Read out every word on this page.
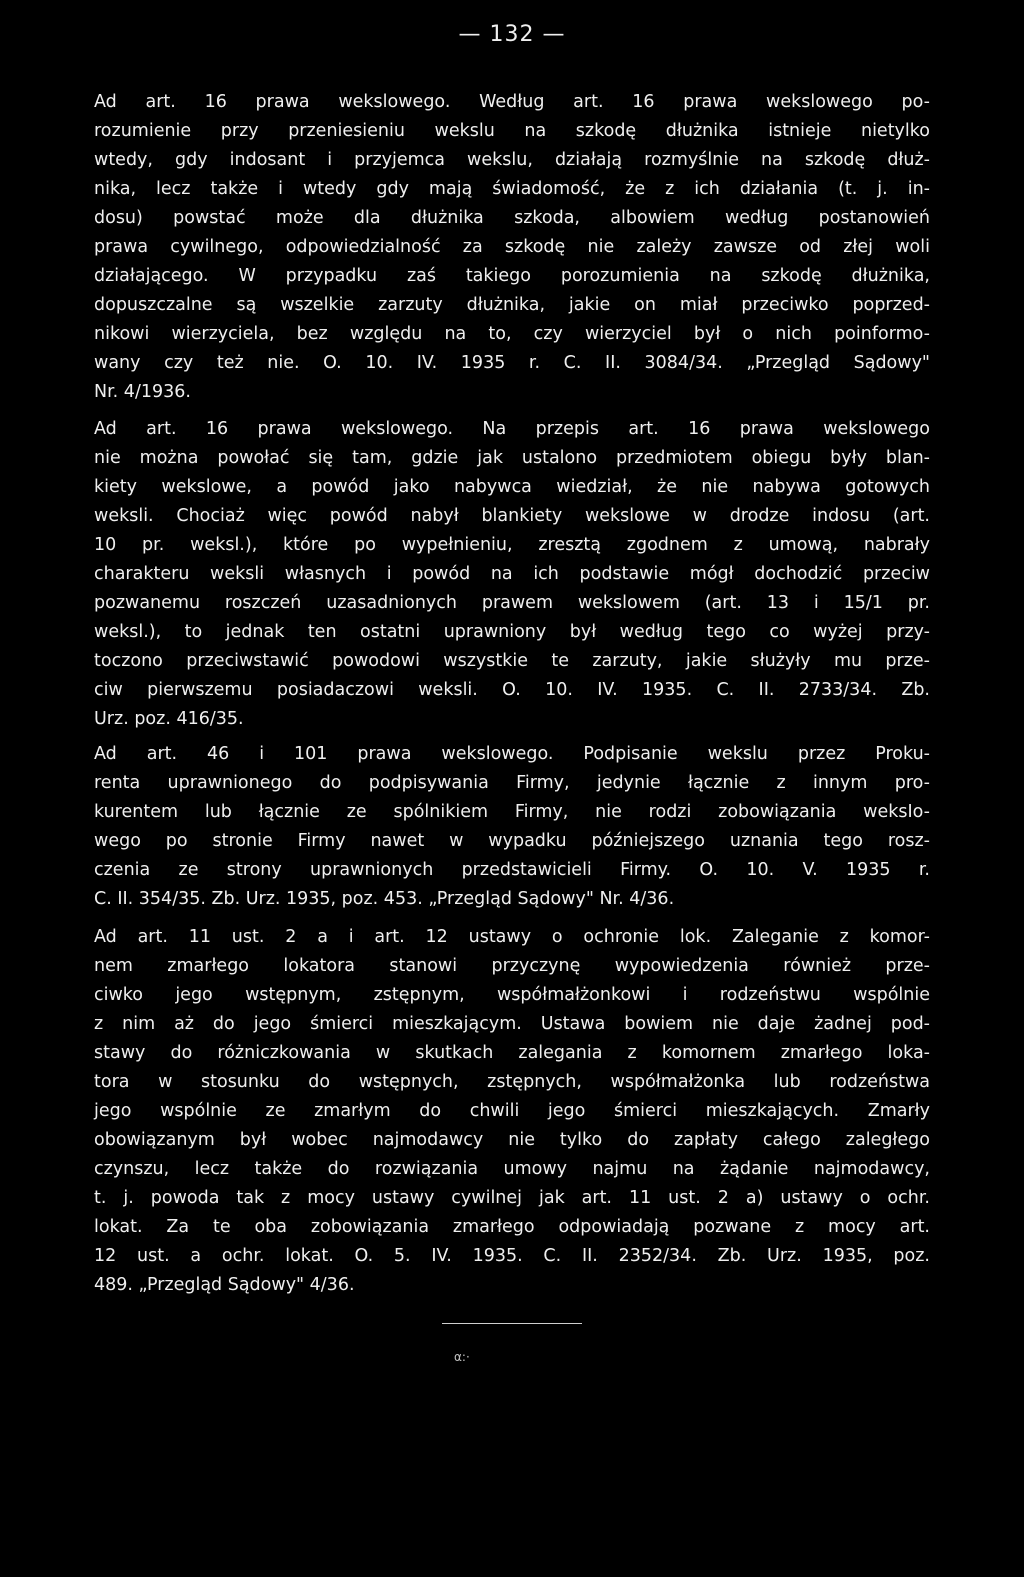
— 132 —
Ad art. 16 prawa wekslowego. Według art. 16 prawa wekslowego po-
rozumienie przy przeniesieniu wekslu na szkodę dłużnika istnieje nietylko
wtedy, gdy indosant i przyjemca wekslu, działają rozmyślnie na szkodę dłuż-
nika, lecz także i wtedy gdy mają świadomość, że z ich działania (t. j. in-
dosu) powstać może dla dłużnika szkoda, albowiem według postanowień
prawa cywilnego, odpowiedzialność za szkodę nie zależy zawsze od złej woli
działającego. W przypadku zaś takiego porozumienia na szkodę dłużnika,
dopuszczalne są wszelkie zarzuty dłużnika, jakie on miał przeciwko poprzed-
nikowi wierzyciela, bez względu na to, czy wierzyciel był o nich poinformo-
wany czy też nie. O. 10. IV. 1935 r. C. II. 3084/34. „Przegląd Sądowy"
Nr. 4/1936.
Ad art. 16 prawa wekslowego. Na przepis art. 16 prawa wekslowego
nie można powołać się tam, gdzie jak ustalono przedmiotem obiegu były blan-
kiety wekslowe, a powód jako nabywca wiedział, że nie nabywa gotowych
weksli. Chociaż więc powód nabył blankiety wekslowe w drodze indosu (art.
10 pr. weksl.), które po wypełnieniu, zresztą zgodnem z umową, nabrały
charakteru weksli własnych i powód na ich podstawie mógł dochodzić przeciw
pozwanemu roszczeń uzasadnionych prawem wekslowem (art. 13 i 15/1 pr.
weksl.), to jednak ten ostatni uprawniony był według tego co wyżej przy-
toczono przeciwstawić powodowi wszystkie te zarzuty, jakie służyły mu prze-
ciw pierwszemu posiadaczowi weksli. O. 10. IV. 1935. C. II. 2733/34. Zb.
Urz. poz. 416/35.
Ad art. 46 i 101 prawa wekslowego. Podpisanie wekslu przez Proku-
renta uprawnionego do podpisywania Firmy, jedynie łącznie z innym pro-
kurentem lub łącznie ze spólnikiem Firmy, nie rodzi zobowiązania weksIo-
wego po stronie Firmy nawet w wypadku późniejszego uznania tego rosz-
czenia ze strony uprawnionych przedstawicieli Firmy. O. 10. V. 1935 r.
C. II. 354/35. Zb. Urz. 1935, poz. 453. „Przegląd Sądowy" Nr. 4/36.
Ad art. 11 ust. 2 a i art. 12 ustawy o ochronie lok. Zaleganie z komor-
nem zmarłego lokatora stanowi przyczynę wypowiedzenia również prze-
ciwko jego wstępnym, zstępnym, współmałżonkowi i rodzeństwu wspólnie
z nim aż do jego śmierci mieszkającym. Ustawa bowiem nie daje żadnej pod-
stawy do różniczkowania w skutkach zalegania z komornem zmarłego loka-
tora w stosunku do wstępnych, zstępnych, współmałżonka lub rodzeństwa
jego wspólnie ze zmarłym do chwili jego śmierci mieszkających. Zmarły
obowiązanym był wobec najmodawcy nie tylko do zapłaty całego zaległego
czynszu, lecz także do rozwiązania umowy najmu na żądanie najmodawcy,
t. j. powoda tak z mocy ustawy cywilnej jak art. 11 ust. 2 a) ustawy o ochr.
lokat. Za te oba zobowiązania zmarłego odpowiadają pozwane z mocy art.
12 ust. a ochr. lokat. O. 5. IV. 1935. C. II. 2352/34. Zb. Urz. 1935, poz.
489. „Przegląd Sądowy" 4/36.
α:·
